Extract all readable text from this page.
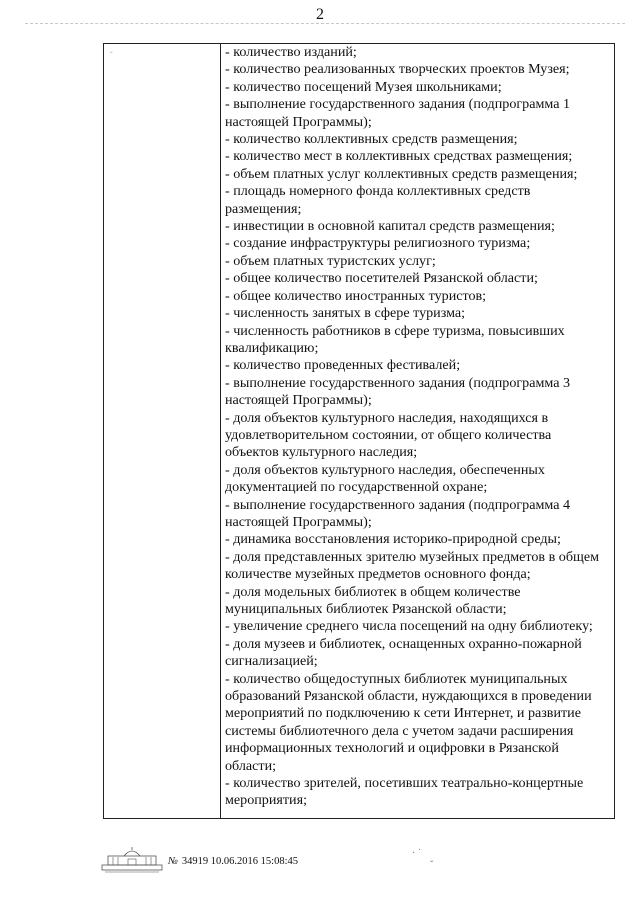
2
˘	- количество изданий;

- количество реализованных творческих проектов Музея;

- количество посещений Музея школьниками;

- выполнение государственного задания (подпрограмма 1 настоящей Программы);

- количество коллективных средств размещения;

- количество мест в коллективных средствах размещения;

- объем платных услуг коллективных средств размещения;

- площадь номерного фонда коллективных средств размещения;

- инвестиции в основной капитал средств размещения;

- создание инфраструктуры религиозного туризма;

- объем платных туристских услуг;

- общее количество посетителей Рязанской области;

- общее количество иностранных туристов;

- численность занятых в сфере туризма;

- численность работников в сфере туризма, повысивших квалификацию;

- количество проведенных фестивалей;

- выполнение государственного задания (подпрограмма 3 настоящей Программы);

- доля объектов культурного наследия, находящихся в удовлетворительном состоянии, от общего количества объектов культурного наследия;

- доля объектов культурного наследия, обеспеченных документацией по государственной охране;

- выполнение государственного задания (подпрограмма 4 настоящей Программы);

- динамика восстановления историко-природной среды;

- доля представленных зрителю музейных предметов в общем количестве музейных предметов основного фонда;

- доля модельных библиотек в общем количестве муниципальных библиотек Рязанской области;

- увеличение среднего числа посещений на одну библиотеку;

- доля музеев и библиотек, оснащенных охранно-пожарной сигнализацией;

- количество общедоступных библиотек муниципальных образований Рязанской области, нуждающихся в проведении мероприятий по подключению к сети Интернет, и развитие системы библиотечного дела с учетом задачи расширения информационных технологий и оцифровки в Рязанской области;

- количество зрителей, посетивших театрально-концертные мероприятия;

№ 34919 10.06.2016 15:08:45
· ˙
ˇ
